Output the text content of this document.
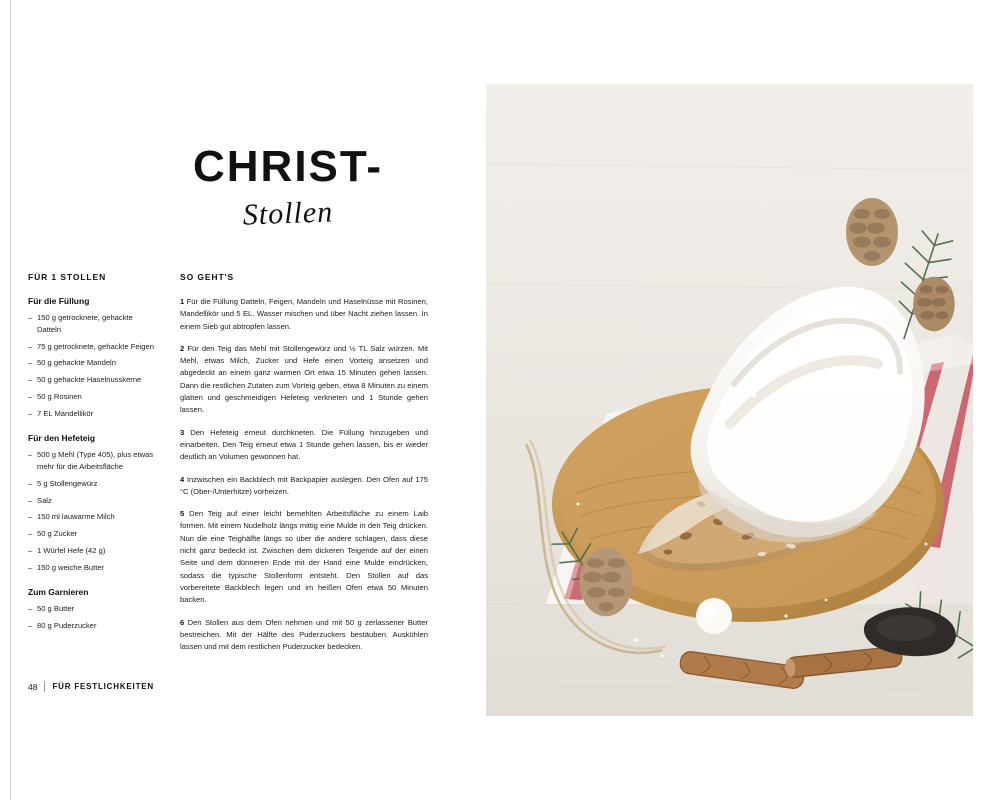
CHRIST-
Stollen
FÜR 1 STOLLEN
Für die Füllung
– 150 g getrocknete, gehackte Datteln
– 75 g getrocknete, gehackte Feigen
– 50 g gehackte Mandeln
– 50 g gehackte Haselnusskerne
– 50 g Rosinen
– 7 EL Mandellikör
Für den Hefeteig
– 500 g Mehl (Type 405), plus etwas mehr für die Arbeitsfläche
– 5 g Stollengewürz
– Salz
– 150 ml lauwarme Milch
– 50 g Zucker
– 1 Würfel Hefe (42 g)
– 150 g weiche Butter
Zum Garnieren
– 50 g Butter
– 80 g Puderzucker
SO GEHT'S

1 Für die Füllung Datteln, Feigen, Mandeln und Haselnüsse mit Rosinen, Mandellikör und 5 EL. Wasser mischen und über Nacht ziehen lassen. In einem Sieb gut abtropfen lassen.

2 Für den Teig das Mehl mit Stollengewürz und ½ TL Salz würzen. Mit Mehl, etwas Milch, Zucker und Hefe einen Vorteig ansetzen und abgedeckt an einem ganz warmen Ort etwa 15 Minuten gehen lassen. Dann die restlichen Zutaten zum Vorteig geben, etwa 8 Minuten zu einem glatten und geschmeidigen Hefeteig verkneten und 1 Stunde gehen lassen.

3 Den Hefeteig erneut durchkneten. Die Füllung hinzugeben und einarbeiten. Den Teig erneut etwa 1 Stunde gehen lassen, bis er wieder deutlich an Volumen gewonnen hat.

4 Inzwischen ein Backblech mit Backpapier auslegen. Den Ofen auf 175 °C (Ober-/Unterhitze) vorheizen.

5 Den Teig auf einer leicht bemehlten Arbeitsfläche zu einem Laib formen. Mit einem Nudelholz längs mittig eine Mulde in den Teig drücken. Nun die eine Teighälfte längs so über die andere schlagen, dass diese nicht ganz bedeckt ist. Zwischen dem dickeren Teigende auf der einen Seite und dem dünneren Ende mit der Hand eine Mulde eindrücken, sodass die typische Stollenform entsteht. Den Stollen auf das vorbereitete Backblech legen und im heißen Ofen etwa 50 Minuten backen.

6 Den Stollen aus dem Ofen nehmen und mit 50 g zerlassener Butter bestreichen. Mit der Hälfte des Puderzuckers bestäuben. Auskühlen lassen und mit dem restlichen Puderzucker bedecken.

48 FÜR FESTLICHKEITEN
